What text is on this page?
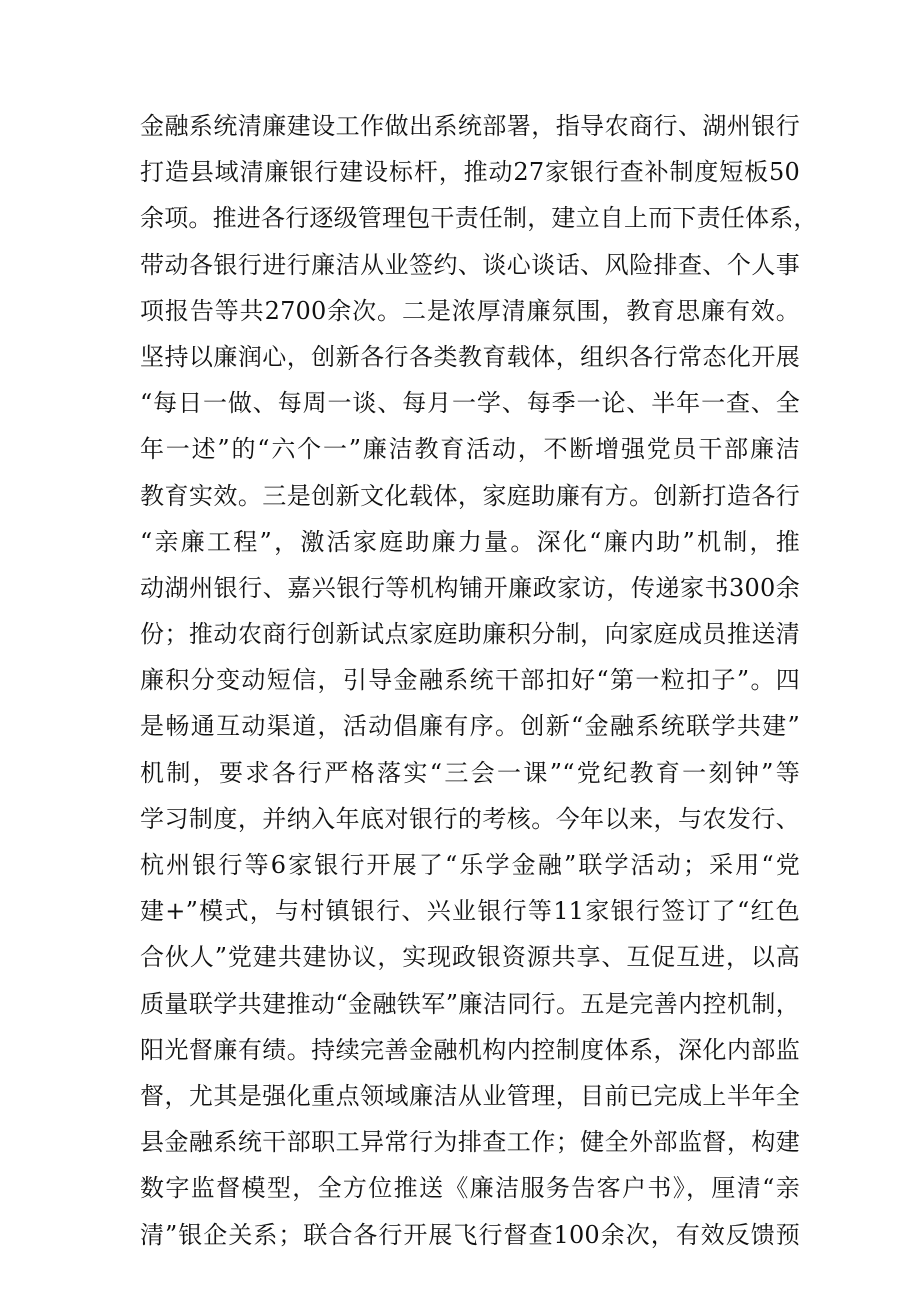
金融系统清廉建设工作做出系统部署，指导农商行、湖州银行
打造县域清廉银行建设标杆，推动27家银行查补制度短板50
余项。推进各行逐级管理包干责任制，建立自上而下责任体系，
带动各银行进行廉洁从业签约、谈心谈话、风险排查、个人事
项报告等共2700余次。二是浓厚清廉氛围，教育思廉有效。
坚持以廉润心，创新各行各类教育载体，组织各行常态化开展
“每日一做、每周一谈、每月一学、每季一论、半年一查、全
年一述”的“六个一”廉洁教育活动，不断增强党员干部廉洁
教育实效。三是创新文化载体，家庭助廉有方。创新打造各行
“亲廉工程”，激活家庭助廉力量。深化“廉内助”机制，推
动湖州银行、嘉兴银行等机构铺开廉政家访，传递家书300余
份；推动农商行创新试点家庭助廉积分制，向家庭成员推送清
廉积分变动短信，引导金融系统干部扣好“第一粒扣子”。四
是畅通互动渠道，活动倡廉有序。创新“金融系统联学共建”
机制，要求各行严格落实“三会一课”“党纪教育一刻钟”等
学习制度，并纳入年底对银行的考核。今年以来，与农发行、
杭州银行等6家银行开展了“乐学金融”联学活动；采用“党
建+”模式，与村镇银行、兴业银行等11家银行签订了“红色
合伙人”党建共建协议，实现政银资源共享、互促互进，以高
质量联学共建推动“金融铁军”廉洁同行。五是完善内控机制，
阳光督廉有绩。持续完善金融机构内控制度体系，深化内部监
督，尤其是强化重点领域廉洁从业管理，目前已完成上半年全
县金融系统干部职工异常行为排查工作；健全外部监督，构建
数字监督模型，全方位推送《廉洁服务告客户书》，厘清“亲
清”银企关系；联合各行开展飞行督查100余次，有效反馈预
